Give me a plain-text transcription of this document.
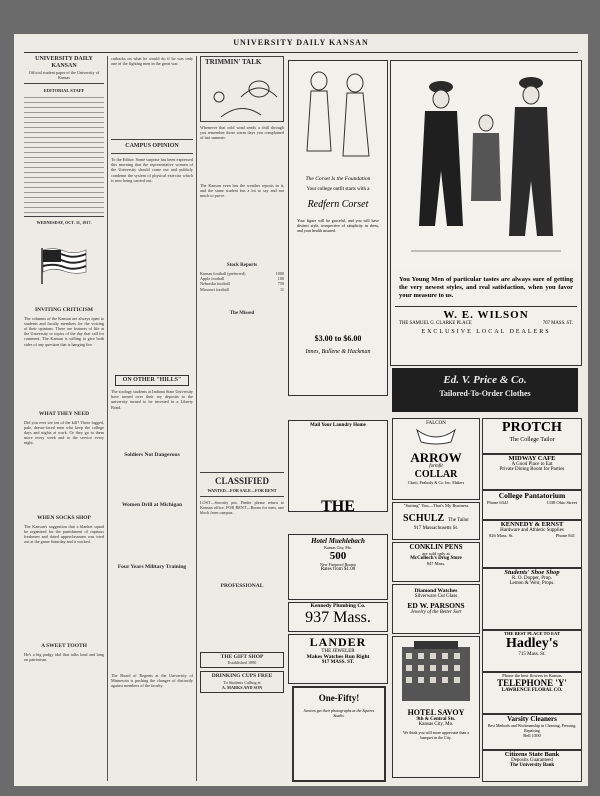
UNIVERSITY DAILY KANSAN
UNIVERSITY DAILY KANSAN
Official student paper of the University of Kansas
EDITORIAL STAFF
WEDNESDAY, OCT. 31, 1917.
INVITING CRITICISM
The columns of the Kansan are always open to students and faculty members for the voicing of their opinions. There are features of life at the University or topics of the day that call for comment. The Kansan is willing to give both sides of any question that is hanging fire.
WHAT THEY NEED
Did you ever see ten of the kill? These fagged, pale, drawn-faced men who keep the college days and nights at work. Or they go to them more every week and to the service every night.
WHEN SOCKS SHOP
The Kansan's suggestion that a blanket squad be organized for the punishment of captious freshmen and dated upperclassmen was tried out at the game Saturday and it worked.
A SWEET TOOTH
He's a big pudgy idol that talks loud and long on patriotism.
cutbacks on what he would do if he was only one of the fighting men in the great war.
CAMPUS OPINION
To the Editor: Some surprise has been expressed this morning that the representative women of the University should come out and publicly condemn the system of physical exercise which is now being carried out.
ON OTHER "HILLS"
The zoology students at Indiana State University have turned over their toy deposits to the university turned to be invested in a Liberty Bond.
Soldiers Not Dangerous
Women Drill at Michigan
Four Years Military Training
The Board of Regents at the University of Minnesota is pushing the changes of distinctly against members of the faculty.
TRIMMIN' TALK
Whenever that cold wind sends a chill through you remember those warm days you complained of last summer.
The Kansan even has the weather reports in it, and the same student has a lot to say and not much to prove.
Stock Reports
Kansas football (preferred)	1000
Apple football	100
Nebraska football	750
Missouri football	11
The Missed
CLASSIFIED
WANTED—FOR SALE—FOR RENT
LOST—Sorority pin. Finder please return to Kansan office. FOR RENT—Room for men, one block from campus.
PROFESSIONAL
THE GIFT SHOP
Established 1890
DRINKING CUPS FREE
To Students Calling at
A. MARKS AND SON
The Corset Is the Foundation
Your college outfit starts with a
Redfern Corset
Your figure will be graceful, and you will have distinct style, irrespective of simplicity in dress, and your health assured.
$3.00 to $6.00
Innes, Bullene & Hackman
Mail Your Laundry Home
THE
Hotel Muehlebach
Kansas City, Mo.
500
New Fireproof Rooms
Rates from $1.00
Kennedy Plumbing Co.
937 Mass.
LANDER
THE JEWELER
Makes Watches Run Right
917 MASS. ST.
One-Fifty!
Seniors get their photographs at the Squires Studio.
You Young Men of particular tastes are always sure of getting the very newest styles, and real satisfaction, when you favor your measure to us.
W. E. WILSON
THE SAMUEL G. CLARKE PLACE	707 MASS. ST.
EXCLUSIVE LOCAL DEALERS
Ed. V. Price & Co.
Tailored-To-Order Clothes
FALCON
ARROW
formfit
COLLAR
Cluett, Peabody & Co. Inc. Makers
"Suiting" You—That's My Business
SCHULZ The Tailor
917 Massachusetts St.
CONKLIN PENS
are sold only at
McColloch's Drug Store
847 Mass.
Diamond Watches
Silverware Cut Glass
ED W. PARSONS
Jewelry of the Better Sort
HOTEL SAVOY
9th & Central Sts.
Kansas City, Mo.
We think you will more appreciate than a banquet in the City.
PROTCH
The College Tailor
MIDWAY CAFE
A Good Place to Eat
Private Dining Room for Parties
College Pantatorium
Phone 634J	1338 Ohio Street
KENNEDY & ERNST
Hardware and Athletic Supplies
826 Mass. St.	Phone 841
Students' Shoe Shop
R. O. Dopper, Prop.
Lemon & Weir, Props.
THE BEST PLACE TO EAT
Hadley's
715 Mass. St.
Phone the best flowers in Kansas
TELEPHONE 'Y'
LAWRENCE FLORAL CO.
Varsity Cleaners
Best Methods and Workmanship in Cleaning, Pressing, Repairing
Bell 1500
Citizens State Bank
Deposits Guaranteed
The University Bank
